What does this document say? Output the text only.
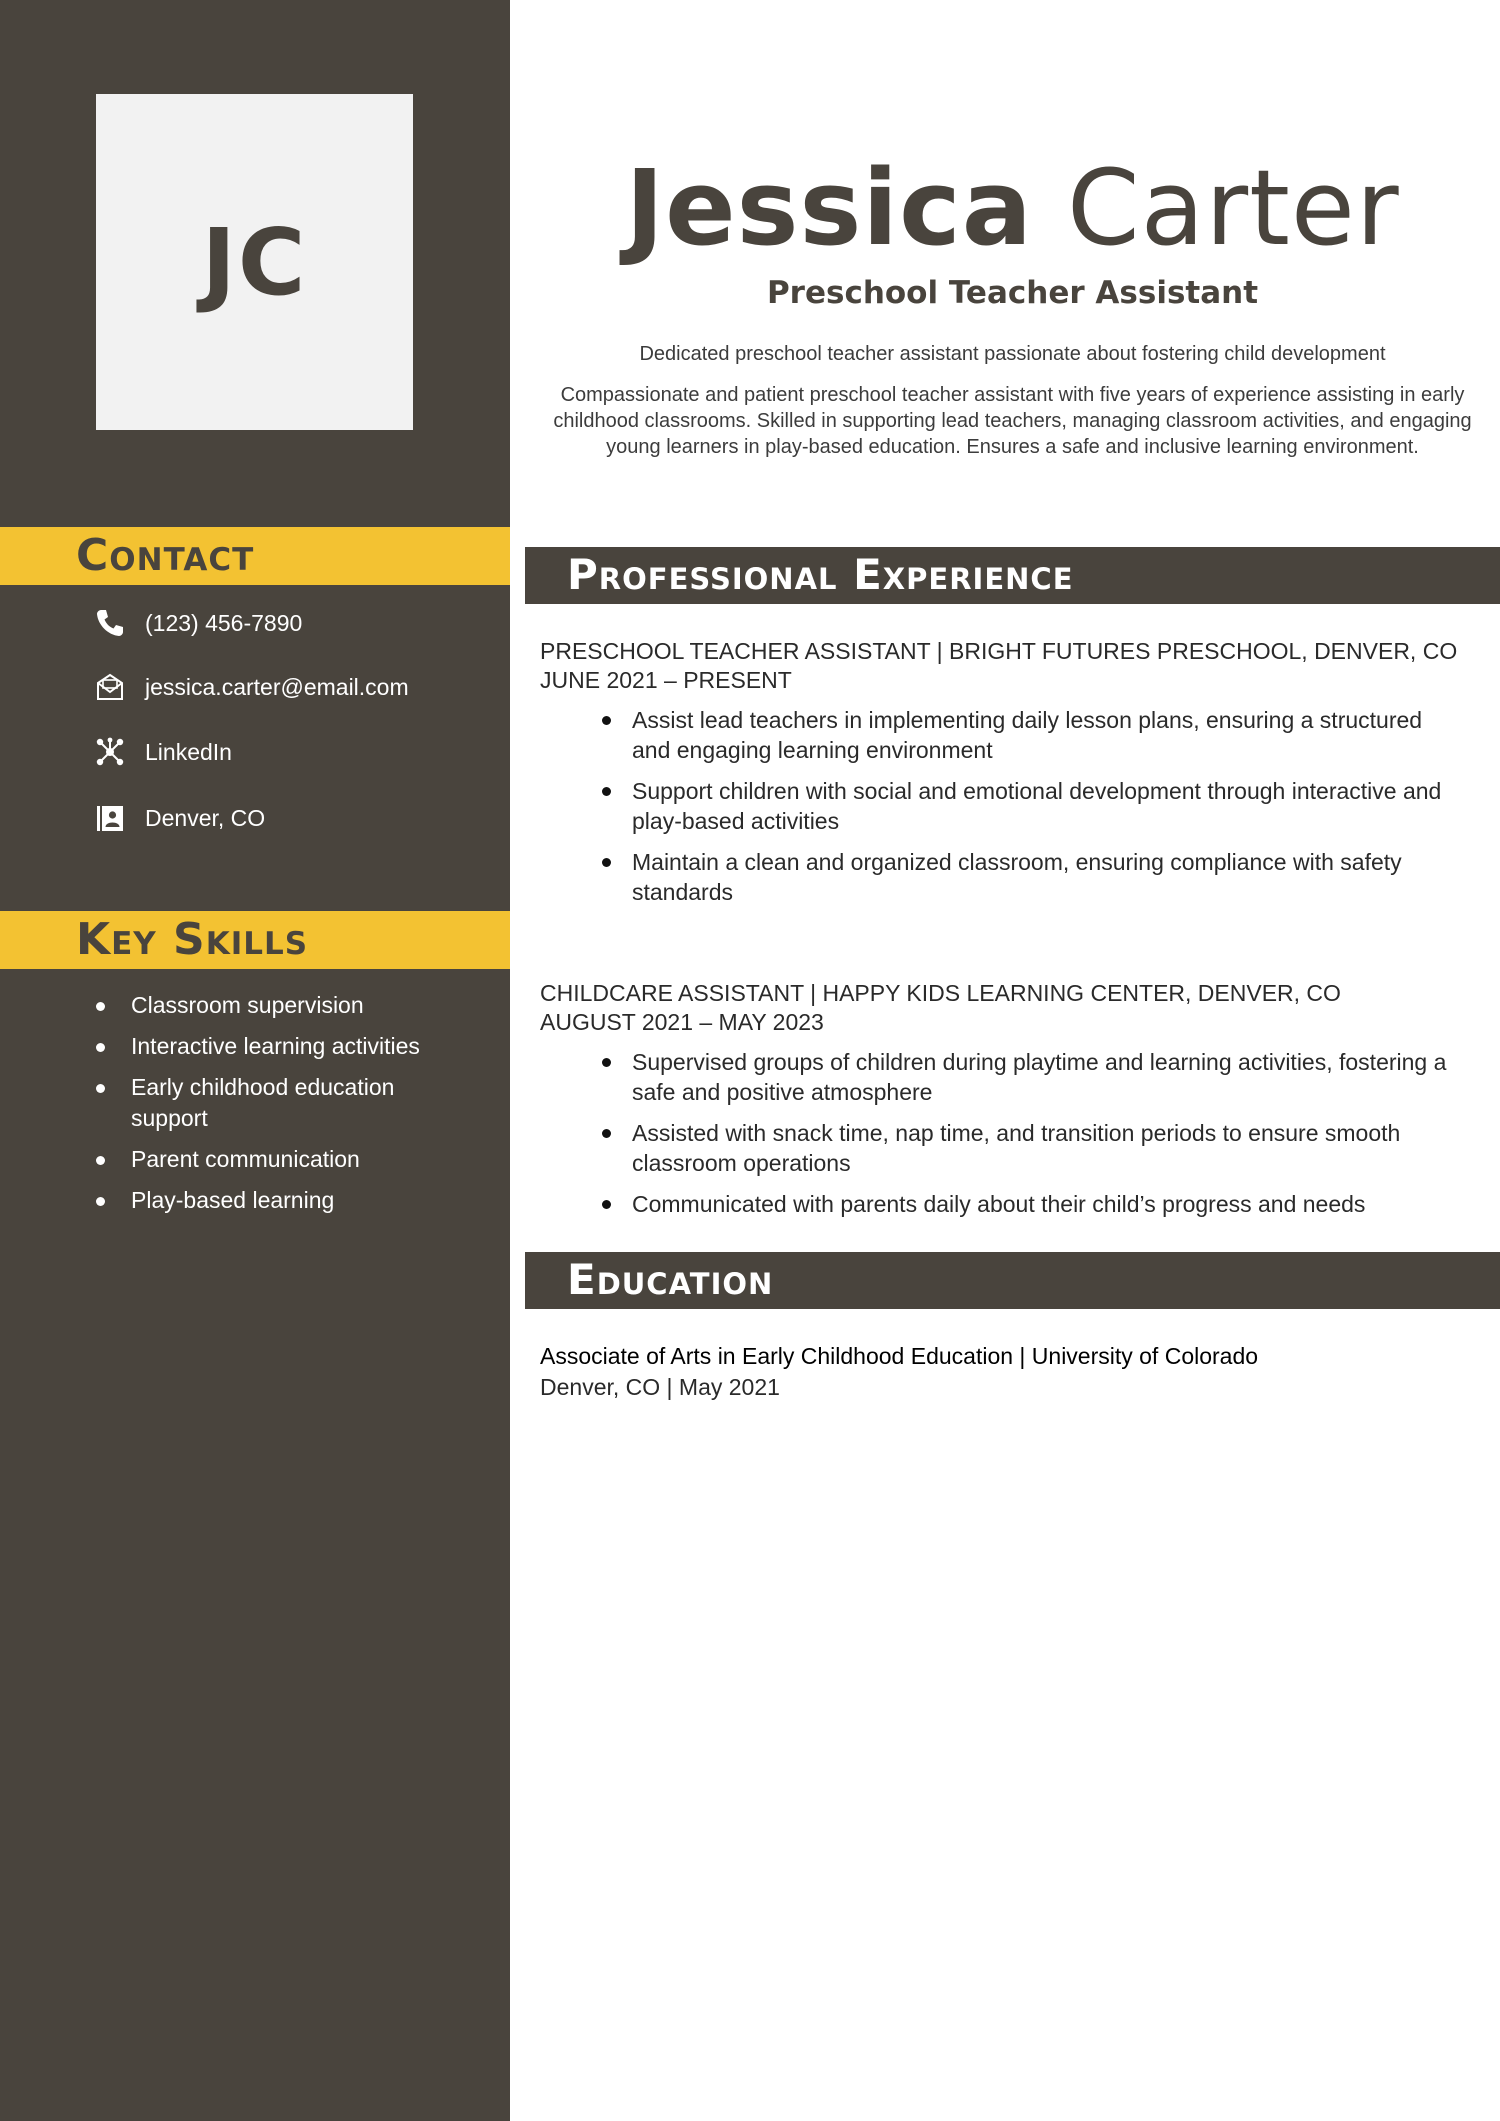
JC
Contact
(123) 456-7890
jessica.carter@email.com
LinkedIn
Denver, CO
Key Skills
Classroom supervision
Interactive learning activities
Early childhood education support
Parent communication
Play-based learning
Jessica Carter
Preschool Teacher Assistant
Dedicated preschool teacher assistant passionate about fostering child development

Compassionate and patient preschool teacher assistant with five years of experience assisting in early childhood classrooms. Skilled in supporting lead teachers, managing classroom activities, and engaging young learners in play-based education. Ensures a safe and inclusive learning environment.

Professional Experience
PRESCHOOL TEACHER ASSISTANT | BRIGHT FUTURES PRESCHOOL, DENVER, CO
JUNE 2021 – PRESENT
Assist lead teachers in implementing daily lesson plans, ensuring a structured and engaging learning environment
Support children with social and emotional development through interactive and play-based activities
Maintain a clean and organized classroom, ensuring compliance with safety standards
CHILDCARE ASSISTANT | HAPPY KIDS LEARNING CENTER, DENVER, CO
AUGUST 2021 – MAY 2023
Supervised groups of children during playtime and learning activities, fostering a safe and positive atmosphere
Assisted with snack time, nap time, and transition periods to ensure smooth classroom operations
Communicated with parents daily about their child’s progress and needs
Education
Associate of Arts in Early Childhood Education | University of Colorado
Denver, CO | May 2021
